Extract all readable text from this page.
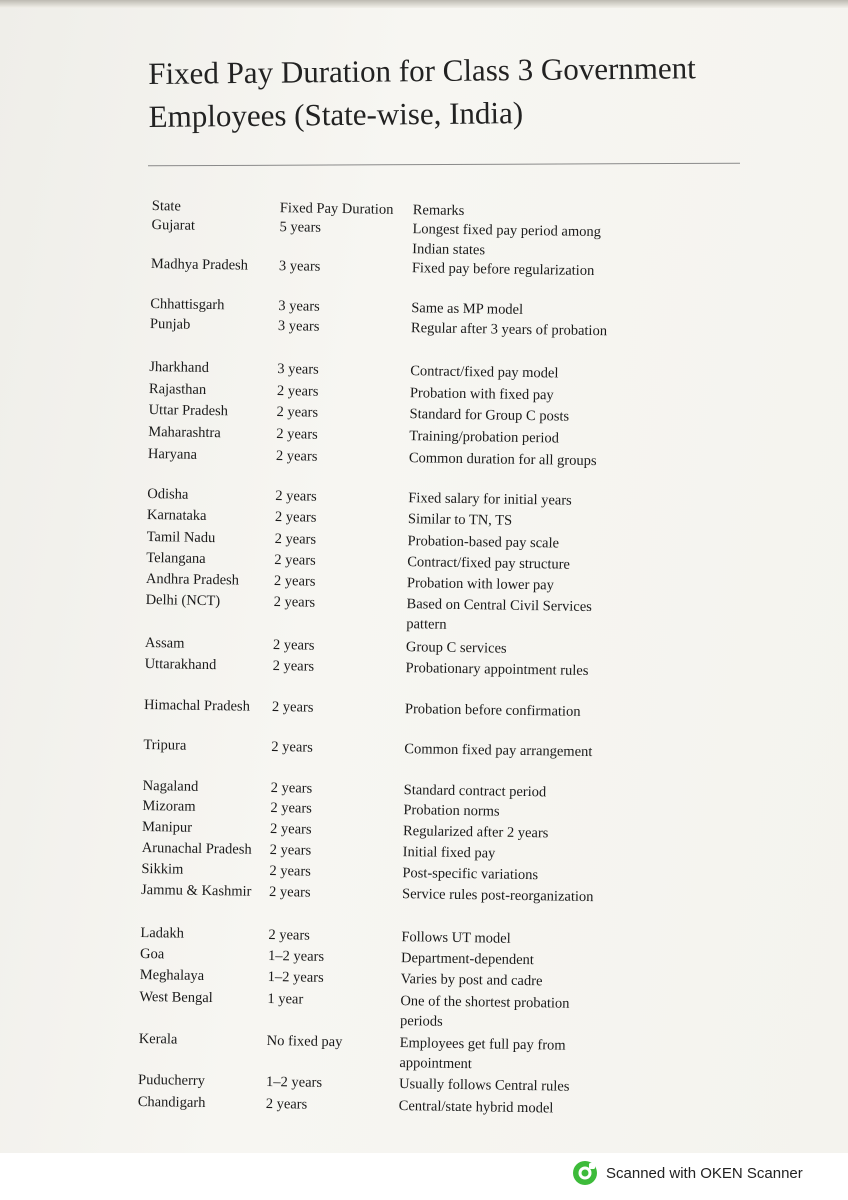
Fixed Pay Duration for Class 3 Government Employees (State-wise, India)
State	Fixed Pay Duration	Remarks
Gujarat	5 years	Longest fixed pay period among Indian states
Madhya Pradesh	3 years	Fixed pay before regularization
Chhattisgarh	3 years	Same as MP model
Punjab	3 years	Regular after 3 years of probation
Jharkhand	3 years	Contract/fixed pay model
Rajasthan	2 years	Probation with fixed pay
Uttar Pradesh	2 years	Standard for Group C posts
Maharashtra	2 years	Training/probation period
Haryana	2 years	Common duration for all groups
Odisha	2 years	Fixed salary for initial years
Karnataka	2 years	Similar to TN, TS
Tamil Nadu	2 years	Probation-based pay scale
Telangana	2 years	Contract/fixed pay structure
Andhra Pradesh	2 years	Probation with lower pay
Delhi (NCT)	2 years	Based on Central Civil Services pattern
Assam	2 years	Group C services
Uttarakhand	2 years	Probationary appointment rules
Himachal Pradesh	2 years	Probation before confirmation
Tripura	2 years	Common fixed pay arrangement
Nagaland	2 years	Standard contract period
Mizoram	2 years	Probation norms
Manipur	2 years	Regularized after 2 years
Arunachal Pradesh	2 years	Initial fixed pay
Sikkim	2 years	Post-specific variations
Jammu & Kashmir	2 years	Service rules post-reorganization
Ladakh	2 years	Follows UT model
Goa	1–2 years	Department-dependent
Meghalaya	1–2 years	Varies by post and cadre
West Bengal	1 year	One of the shortest probation periods
Kerala	No fixed pay	Employees get full pay from appointment
Puducherry	1–2 years	Usually follows Central rules
Chandigarh	2 years	Central/state hybrid model
Scanned with OKEN Scanner
